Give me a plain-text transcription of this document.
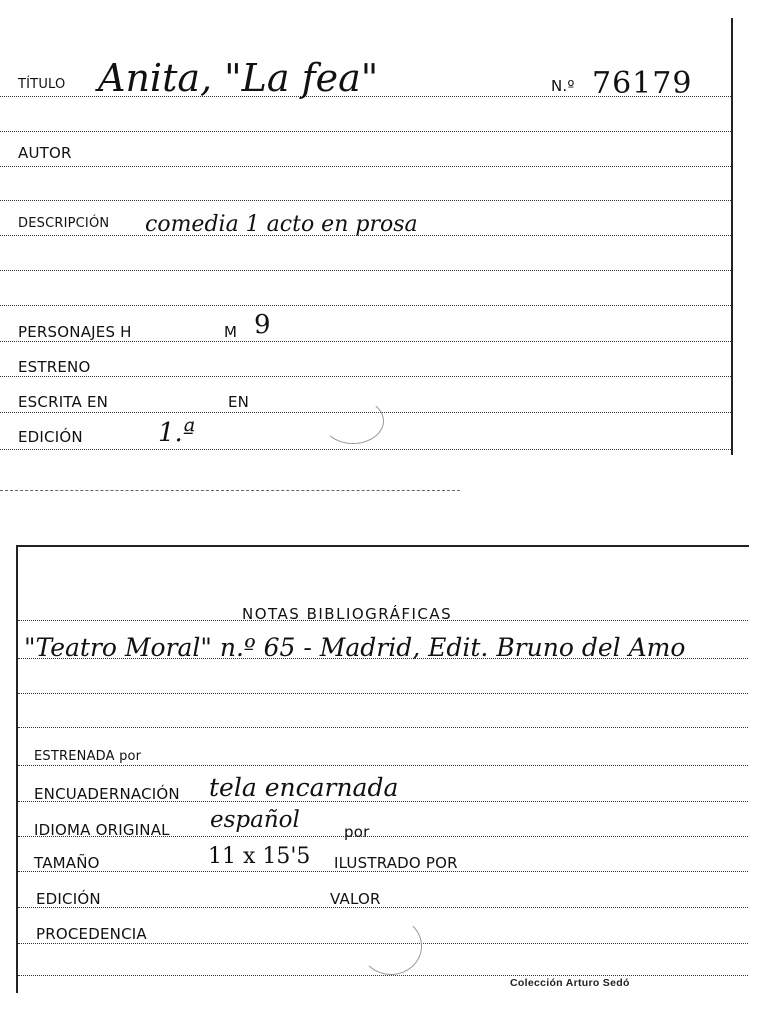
TÍTULO Anita, "La fea"	N.º 76179
AUTOR
DESCRIPCIÓN comedia 1 acto en prosa
PERSONAJES H	M 9
ESTRENO
ESCRITA EN	EN
EDICIÓN	1.ª
NOTAS BIBLIOGRÁFICAS
"Teatro Moral" n.º 65 - Madrid, Edit. Bruno del Amo
ESTRENADA por
ENCUADERNACIÓN tela encarnada
IDIOMA ORIGINAL español	por
TAMAÑO	11 x 15'5 ILUSTRADO POR
EDICIÓN	VALOR
PROCEDENCIA
Colección Arturo Sedó
